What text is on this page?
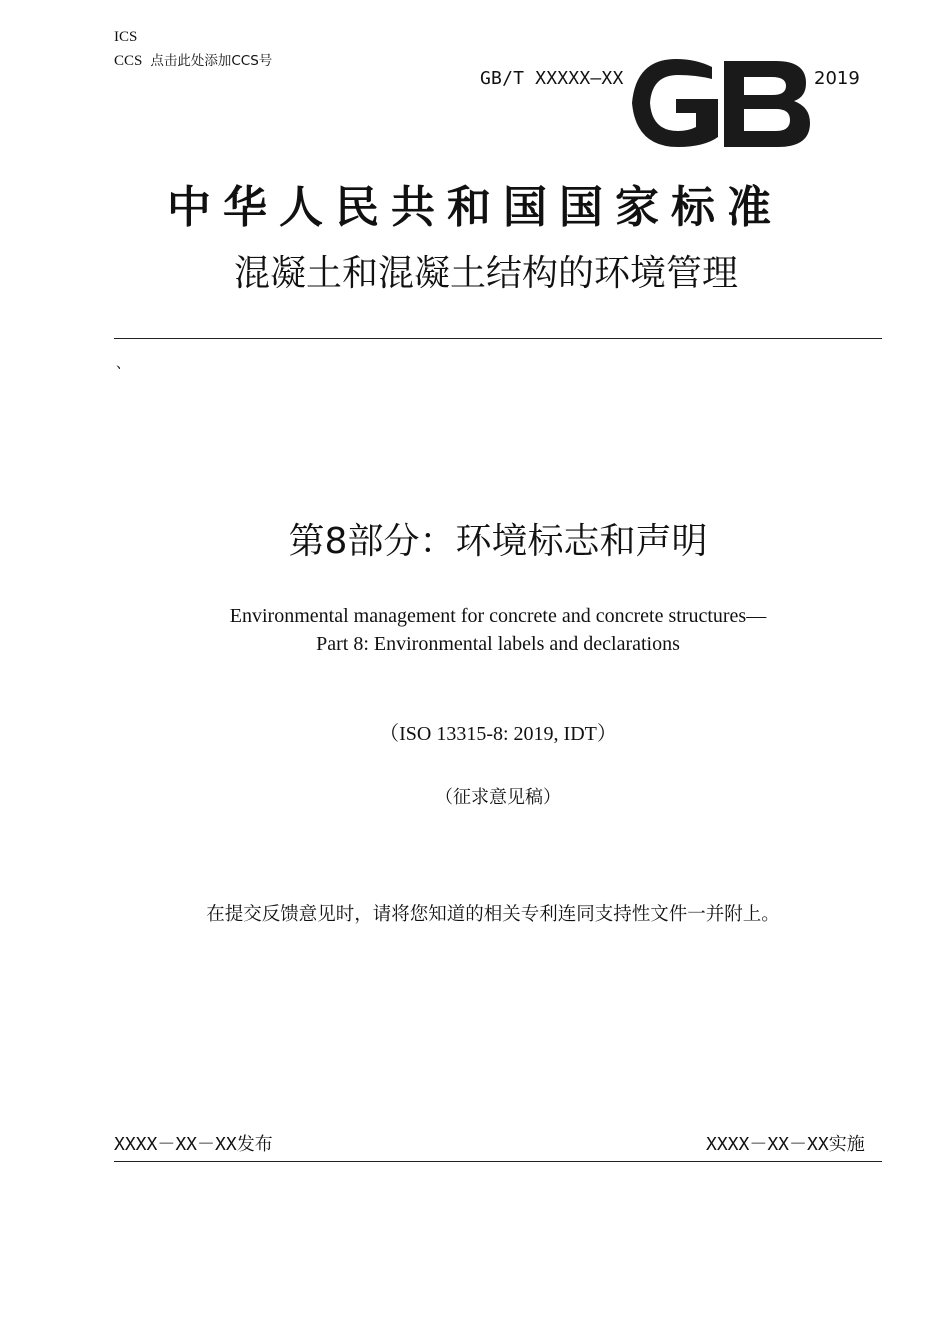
ICS
CCS 点击此处添加CCS号
GB/T XXXXX—XX	2019
中华人民共和国国家标准
混凝土和混凝土结构的环境管理
、
第8部分：环境标志和声明
Environmental management for concrete and concrete structures—
Part 8: Environmental labels and declarations
（ISO 13315-8: 2019, IDT）
（征求意见稿）
在提交反馈意见时，请将您知道的相关专利连同支持性文件一并附上。
XXXX－XX－XX发布	XXXX－XX－XX实施
